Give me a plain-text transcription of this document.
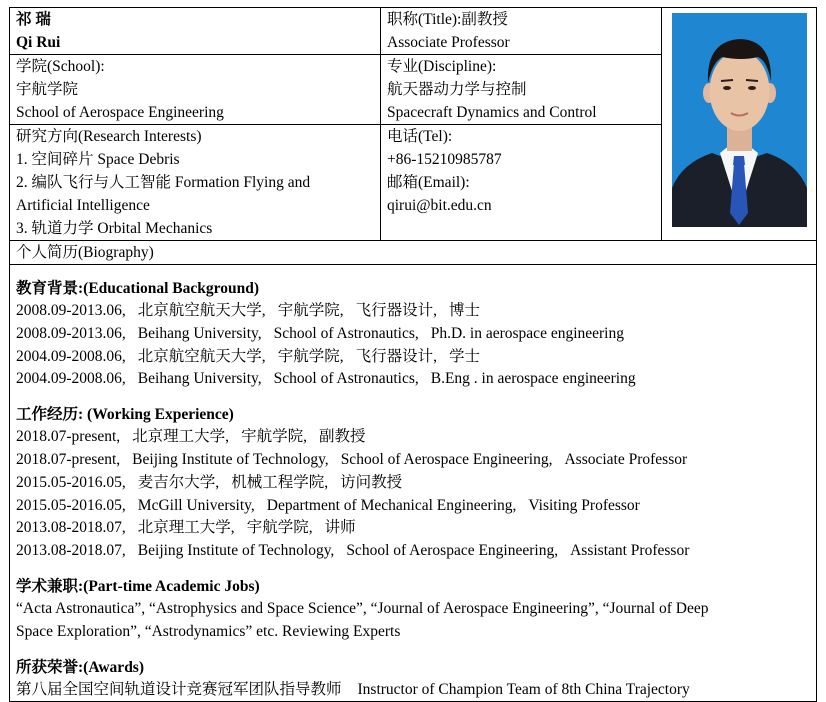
祁 瑞
Qi Rui
职称(Title):副教授
Associate Professor
学院(School):
宇航学院
School of Aerospace Engineering
专业(Discipline):
航天器动力学与控制
Spacecraft Dynamics and Control
研究方向(Research Interests)
1. 空间碎片 Space Debris
2. 编队飞行与人工智能 Formation Flying and
Artificial Intelligence
3. 轨道力学 Orbital Mechanics
电话(Tel):
+86-15210985787
邮箱(Email):
qirui@bit.edu.cn
个人简历(Biography)
教育背景:(Educational Background)
2008.09-2013.06, 北京航空航天大学, 宇航学院, 飞行器设计, 博士
2008.09-2013.06, Beihang University, School of Astronautics, Ph.D. in aerospace engineering
2004.09-2008.06, 北京航空航天大学, 宇航学院, 飞行器设计, 学士
2004.09-2008.06, Beihang University, School of Astronautics, B.Eng . in aerospace engineering
工作经历: (Working Experience)
2018.07-present, 北京理工大学, 宇航学院, 副教授
2018.07-present, Beijing Institute of Technology, School of Aerospace Engineering, Associate Professor
2015.05-2016.05, 麦吉尔大学, 机械工程学院, 访问教授
2015.05-2016.05, McGill University, Department of Mechanical Engineering, Visiting Professor
2013.08-2018.07, 北京理工大学, 宇航学院, 讲师
2013.08-2018.07, Beijing Institute of Technology, School of Aerospace Engineering, Assistant Professor
学术兼职:(Part-time Academic Jobs)
“Acta Astronautica”, “Astrophysics and Space Science”, “Journal of Aerospace Engineering”, “Journal of Deep
Space Exploration”, “Astrodynamics” etc. Reviewing Experts
所获荣誉:(Awards)
第八届全国空间轨道设计竞赛冠军团队指导教师 Instructor of Champion Team of 8th China Trajectory
